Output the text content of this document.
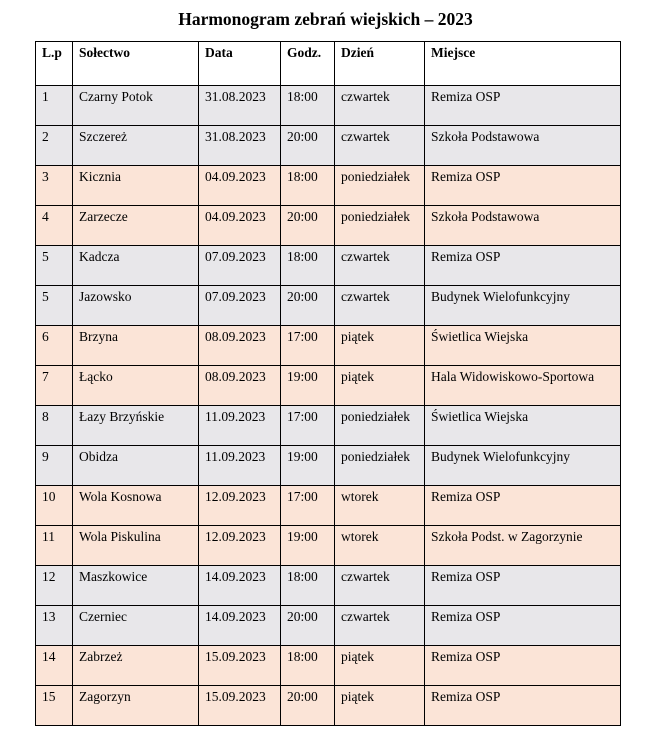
Harmonogram zebrań wiejskich – 2023
L.p	Sołectwo	Data	Godz.	Dzień	Miejsce
1	Czarny Potok	31.08.2023	18:00	czwartek	Remiza OSP
2	Szczereż	31.08.2023	20:00	czwartek	Szkoła Podstawowa
3	Kicznia	04.09.2023	18:00	poniedziałek	Remiza OSP
4	Zarzecze	04.09.2023	20:00	poniedziałek	Szkoła Podstawowa
5	Kadcza	07.09.2023	18:00	czwartek	Remiza OSP
5	Jazowsko	07.09.2023	20:00	czwartek	Budynek Wielofunkcyjny
6	Brzyna	08.09.2023	17:00	piątek	Świetlica Wiejska
7	Łącko	08.09.2023	19:00	piątek	Hala Widowiskowo-Sportowa
8	Łazy Brzyńskie	11.09.2023	17:00	poniedziałek	Świetlica Wiejska
9	Obidza	11.09.2023	19:00	poniedziałek	Budynek Wielofunkcyjny
10	Wola Kosnowa	12.09.2023	17:00	wtorek	Remiza OSP
11	Wola Piskulina	12.09.2023	19:00	wtorek	Szkoła Podst. w Zagorzynie
12	Maszkowice	14.09.2023	18:00	czwartek	Remiza OSP
13	Czerniec	14.09.2023	20:00	czwartek	Remiza OSP
14	Zabrzeż	15.09.2023	18:00	piątek	Remiza OSP
15	Zagorzyn	15.09.2023	20:00	piątek	Remiza OSP
